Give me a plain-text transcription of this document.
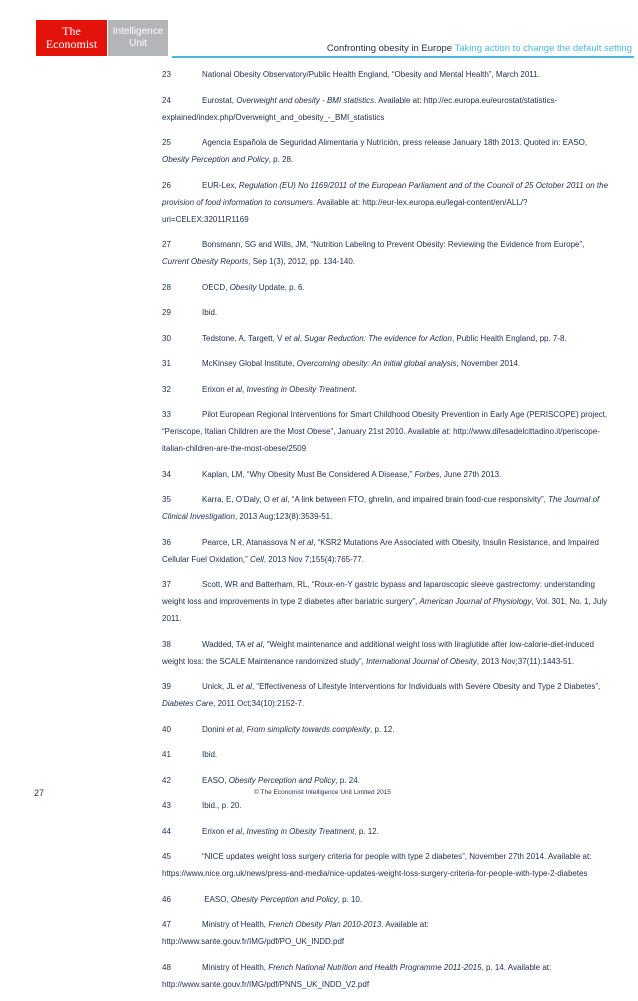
The
Economist
Intelligence
Unit	Confronting obesity in Europe Taking action to change the default setting

23	National Obesity Observatory/Public Health England, “Obesity and Mental Health”, March 2011.

24	Eurostat, Overweight and obesity - BMI statistics. Available at: http://ec.europa.eu/eurostat/statistics-explained/index.php/Overweight_and_obesity_-_BMI_statistics

25	Agencia Española de Seguridad Alimentaria y Nutrición, press release January 18th 2013. Quoted in: EASO, Obesity Perception and Policy, p. 28.

26	EUR-Lex, Regulation (EU) No 1169/2011 of the European Parliament and of the Council of 25 October 2011 on the provision of food information to consumers. Available at: http://eur-lex.europa.eu/legal-content/en/ALL/?uri=CELEX:32011R1169

27	Bonsmann, SG and Wills, JM, “Nutrition Labeling to Prevent Obesity: Reviewing the Evidence from Europe”, Current Obesity Reports, Sep 1(3), 2012, pp. 134-140.

28	OECD, Obesity Update, p. 6.

29	Ibid.

30	Tedstone, A, Targett, V et al, Sugar Reduction: The evidence for Action, Public Health England, pp. 7-8.

31	McKinsey Global Institute, Overcoming obesity: An initial global analysis, November 2014.

32	Erixon et al, Investing in Obesity Treatment.

33	Pilot European Regional Interventions for Smart Childhood Obesity Prevention in Early Age (PERISCOPE) project, “Periscope, Italian Children are the Most Obese”, January 21st 2010. Available at: http://www.difesadelcittadino.it/periscope-italian-children-are-the-most-obese/2509

34	Kaplan, LM, “Why Obesity Must Be Considered A Disease,” Forbes, June 27th 2013.

35	Karra, E, O’Daly, O et al, “A link between FTO, ghrelin, and impaired brain food-cue responsivity”, The Journal of Clinical Investigation, 2013 Aug;123(8):3539-51.

36	Pearce, LR, Atanassova N et al, “KSR2 Mutations Are Associated with Obesity, Insulin Resistance, and Impaired Cellular Fuel Oxidation,” Cell, 2013 Nov 7;155(4):765-77.

37	Scott, WR and Batterham, RL, “Roux-en-Y gastric bypass and laparoscopic sleeve gastrectomy: understanding weight loss and improvements in type 2 diabetes after bariatric surgery”, American Journal of Physiology, Vol. 301, No. 1, July 2011.

38	Wadded, TA et al, “Weight maintenance and additional weight loss with liraglutide after low-calorie-diet-induced weight loss: the SCALE Maintenance randomized study”, International Journal of Obesity, 2013 Nov;37(11):1443-51.

39	Unick, JL et al, “Effectiveness of Lifestyle Interventions for Individuals with Severe Obesity and Type 2 Diabetes”, Diabetes Care, 2011 Oct;34(10):2152-7.

40	Donini et al, From simplicity towards complexity, p. 12.

41	Ibid.

42	EASO, Obesity Perception and Policy, p. 24.

43	Ibid., p. 20.

44	Erixon et al, Investing in Obesity Treatment, p. 12.

45	“NICE updates weight loss surgery criteria for people with type 2 diabetes”, November 27th 2014. Available at: https://www.nice.org.uk/news/press-and-media/nice-updates-weight-loss-surgery-criteria-for-people-with-type-2-diabetes

46	EASO, Obesity Perception and Policy, p. 10.

47	Ministry of Health, French Obesity Plan 2010-2013. Available at: http://www.sante.gouv.fr/IMG/pdf/PO_UK_INDD.pdf

48	Ministry of Health, French National Nutrition and Health Programme 2011-2015, p. 14. Available at: http://www.sante.gouv.fr/IMG/pdf/PNNS_UK_INDD_V2.pdf

27	© The Economist Intelligence Unit Limited 2015
